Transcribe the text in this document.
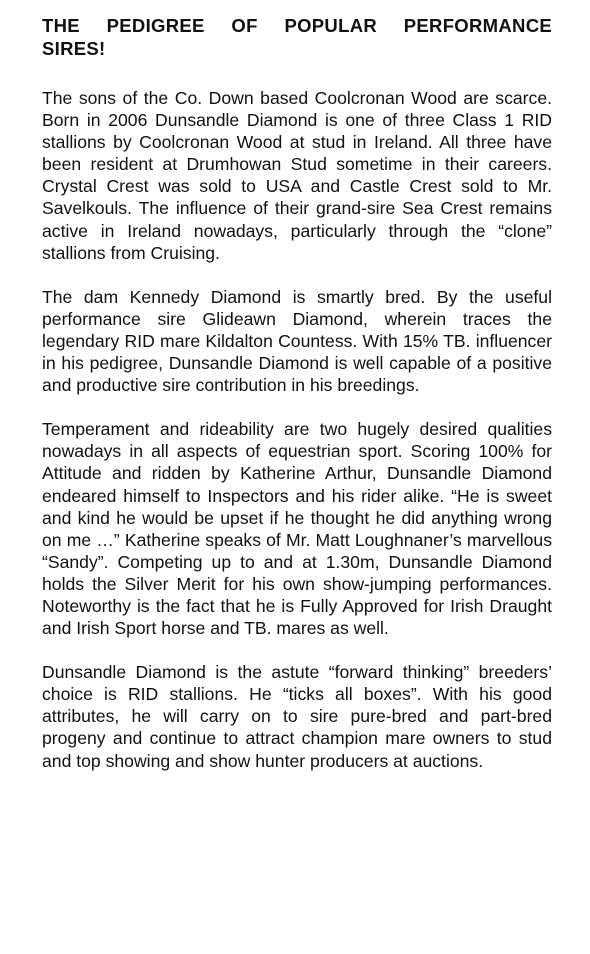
THE PEDIGREE OF POPULAR PERFORMANCE SIRES!

The sons of the Co. Down based Coolcronan Wood are scarce. Born in 2006 Dunsandle Diamond is one of three Class 1 RID stallions by Coolcronan Wood at stud in Ireland. All three have been resident at Drumhowan Stud sometime in their careers. Crystal Crest was sold to USA and Castle Crest sold to Mr. Savelkouls. The influence of their grand-sire Sea Crest remains active in Ireland nowadays, particularly through the “clone” stallions from Cruising.

The dam Kennedy Diamond is smartly bred. By the useful performance sire Glideawn Diamond, wherein traces the legendary RID mare Kildalton Countess. With 15% TB. influencer in his pedigree, Dunsandle Diamond is well capable of a positive and productive sire contribution in his breedings.

Temperament and rideability are two hugely desired qualities nowadays in all aspects of equestrian sport. Scoring 100% for Attitude and ridden by Katherine Arthur, Dunsandle Diamond endeared himself to Inspectors and his rider alike. “He is sweet and kind he would be upset if he thought he did anything wrong on me …” Katherine speaks of Mr. Matt Loughnaner’s marvellous “Sandy”. Competing up to and at 1.30m, Dunsandle Diamond holds the Silver Merit for his own show-jumping performances. Noteworthy is the fact that he is Fully Approved for Irish Draught and Irish Sport horse and TB. mares as well.

Dunsandle Diamond is the astute “forward thinking” breeders’ choice is RID stallions. He “ticks all boxes”. With his good attributes, he will carry on to sire pure-bred and part-bred progeny and continue to attract champion mare owners to stud and top showing and show hunter producers at auctions.
